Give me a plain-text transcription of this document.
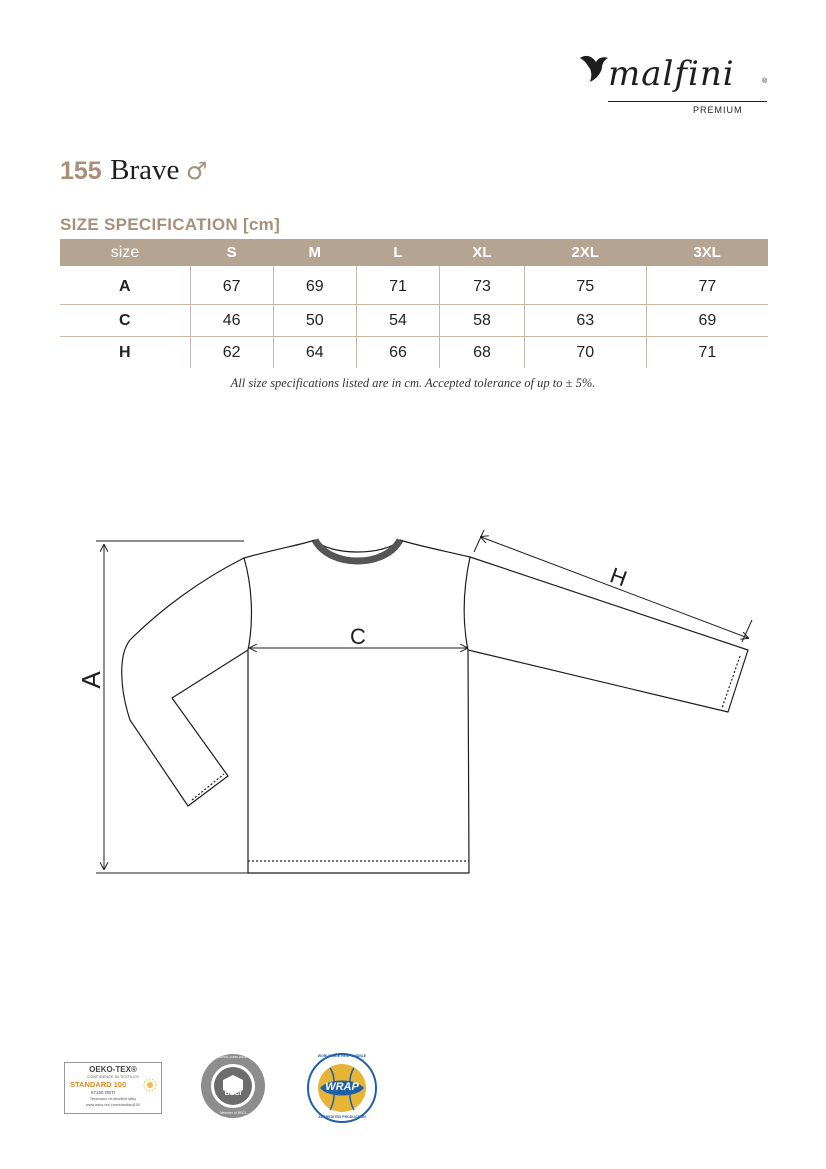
malfini	®
PREMIUM
155 Brave ♂
SIZE SPECIFICATION [cm]
size	S	M	L	XL	2XL	3XL
A	67	69	71	73	75	77
C	46	50	54	58	63	69
H	62	64	66	68	70	71
All size specifications listed are in cm. Accepted tolerance of up to ± 5%.
A
C
H
OEKO-TEX®
CONFIDENCE IN TEXTILES
STANDARD 100
67150 OETI
Testováno na škodlivé látky
www.oeko-tex.com/standard100
BSCI
BUSINESS SOCIAL COMPLIANCE INITIATIVE
Member of BSCI
WRAP
WORLDWIDE RESPONSIBLE
ACCREDITED PRODUCTION
